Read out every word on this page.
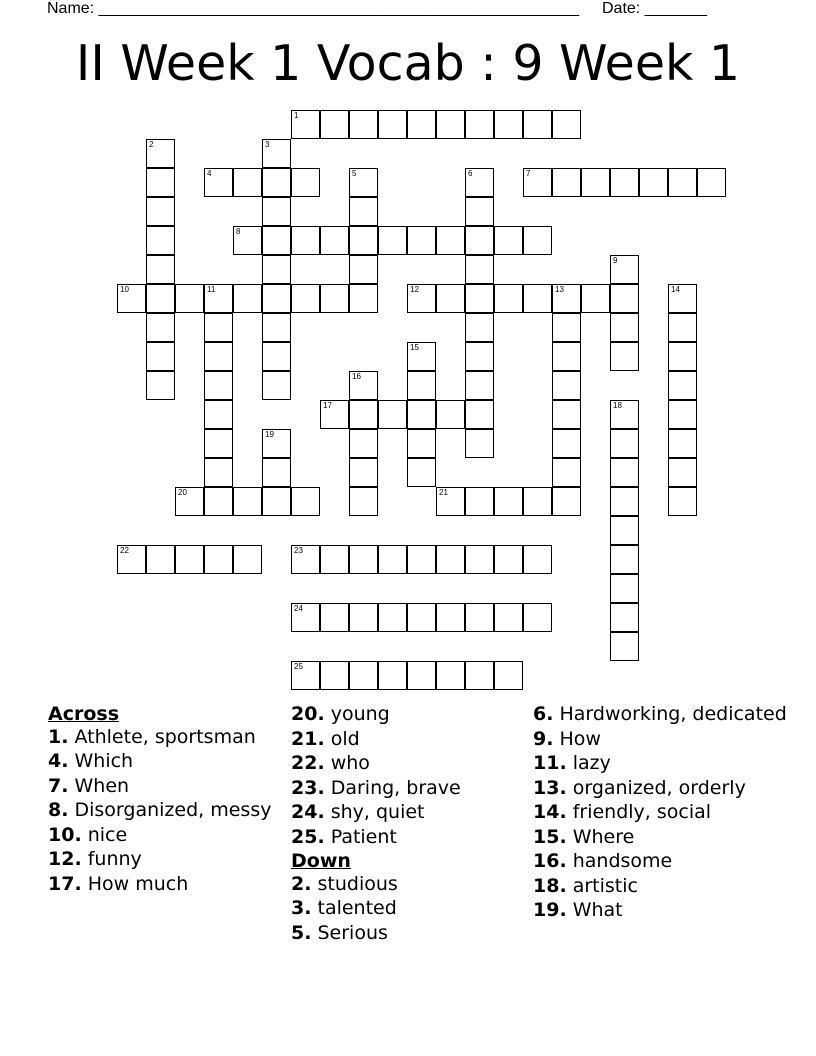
Name: ______________________________________________________ Date: _______
II Week 1 Vocab : 9 Week 1
1
2	3
4	5	6	7
8
9
10	11	12	13	14
15
16
17	18
19
20	21
22	23
24
25
Across
1. Athlete, sportsman
4. Which
7. When
8. Disorganized, messy
10. nice
12. funny
17. How much
20. young
21. old
22. who
23. Daring, brave
24. shy, quiet
25. Patient
Down
2. studious
3. talented
5. Serious
6. Hardworking, dedicated
9. How
11. lazy
13. organized, orderly
14. friendly, social
15. Where
16. handsome
18. artistic
19. What
